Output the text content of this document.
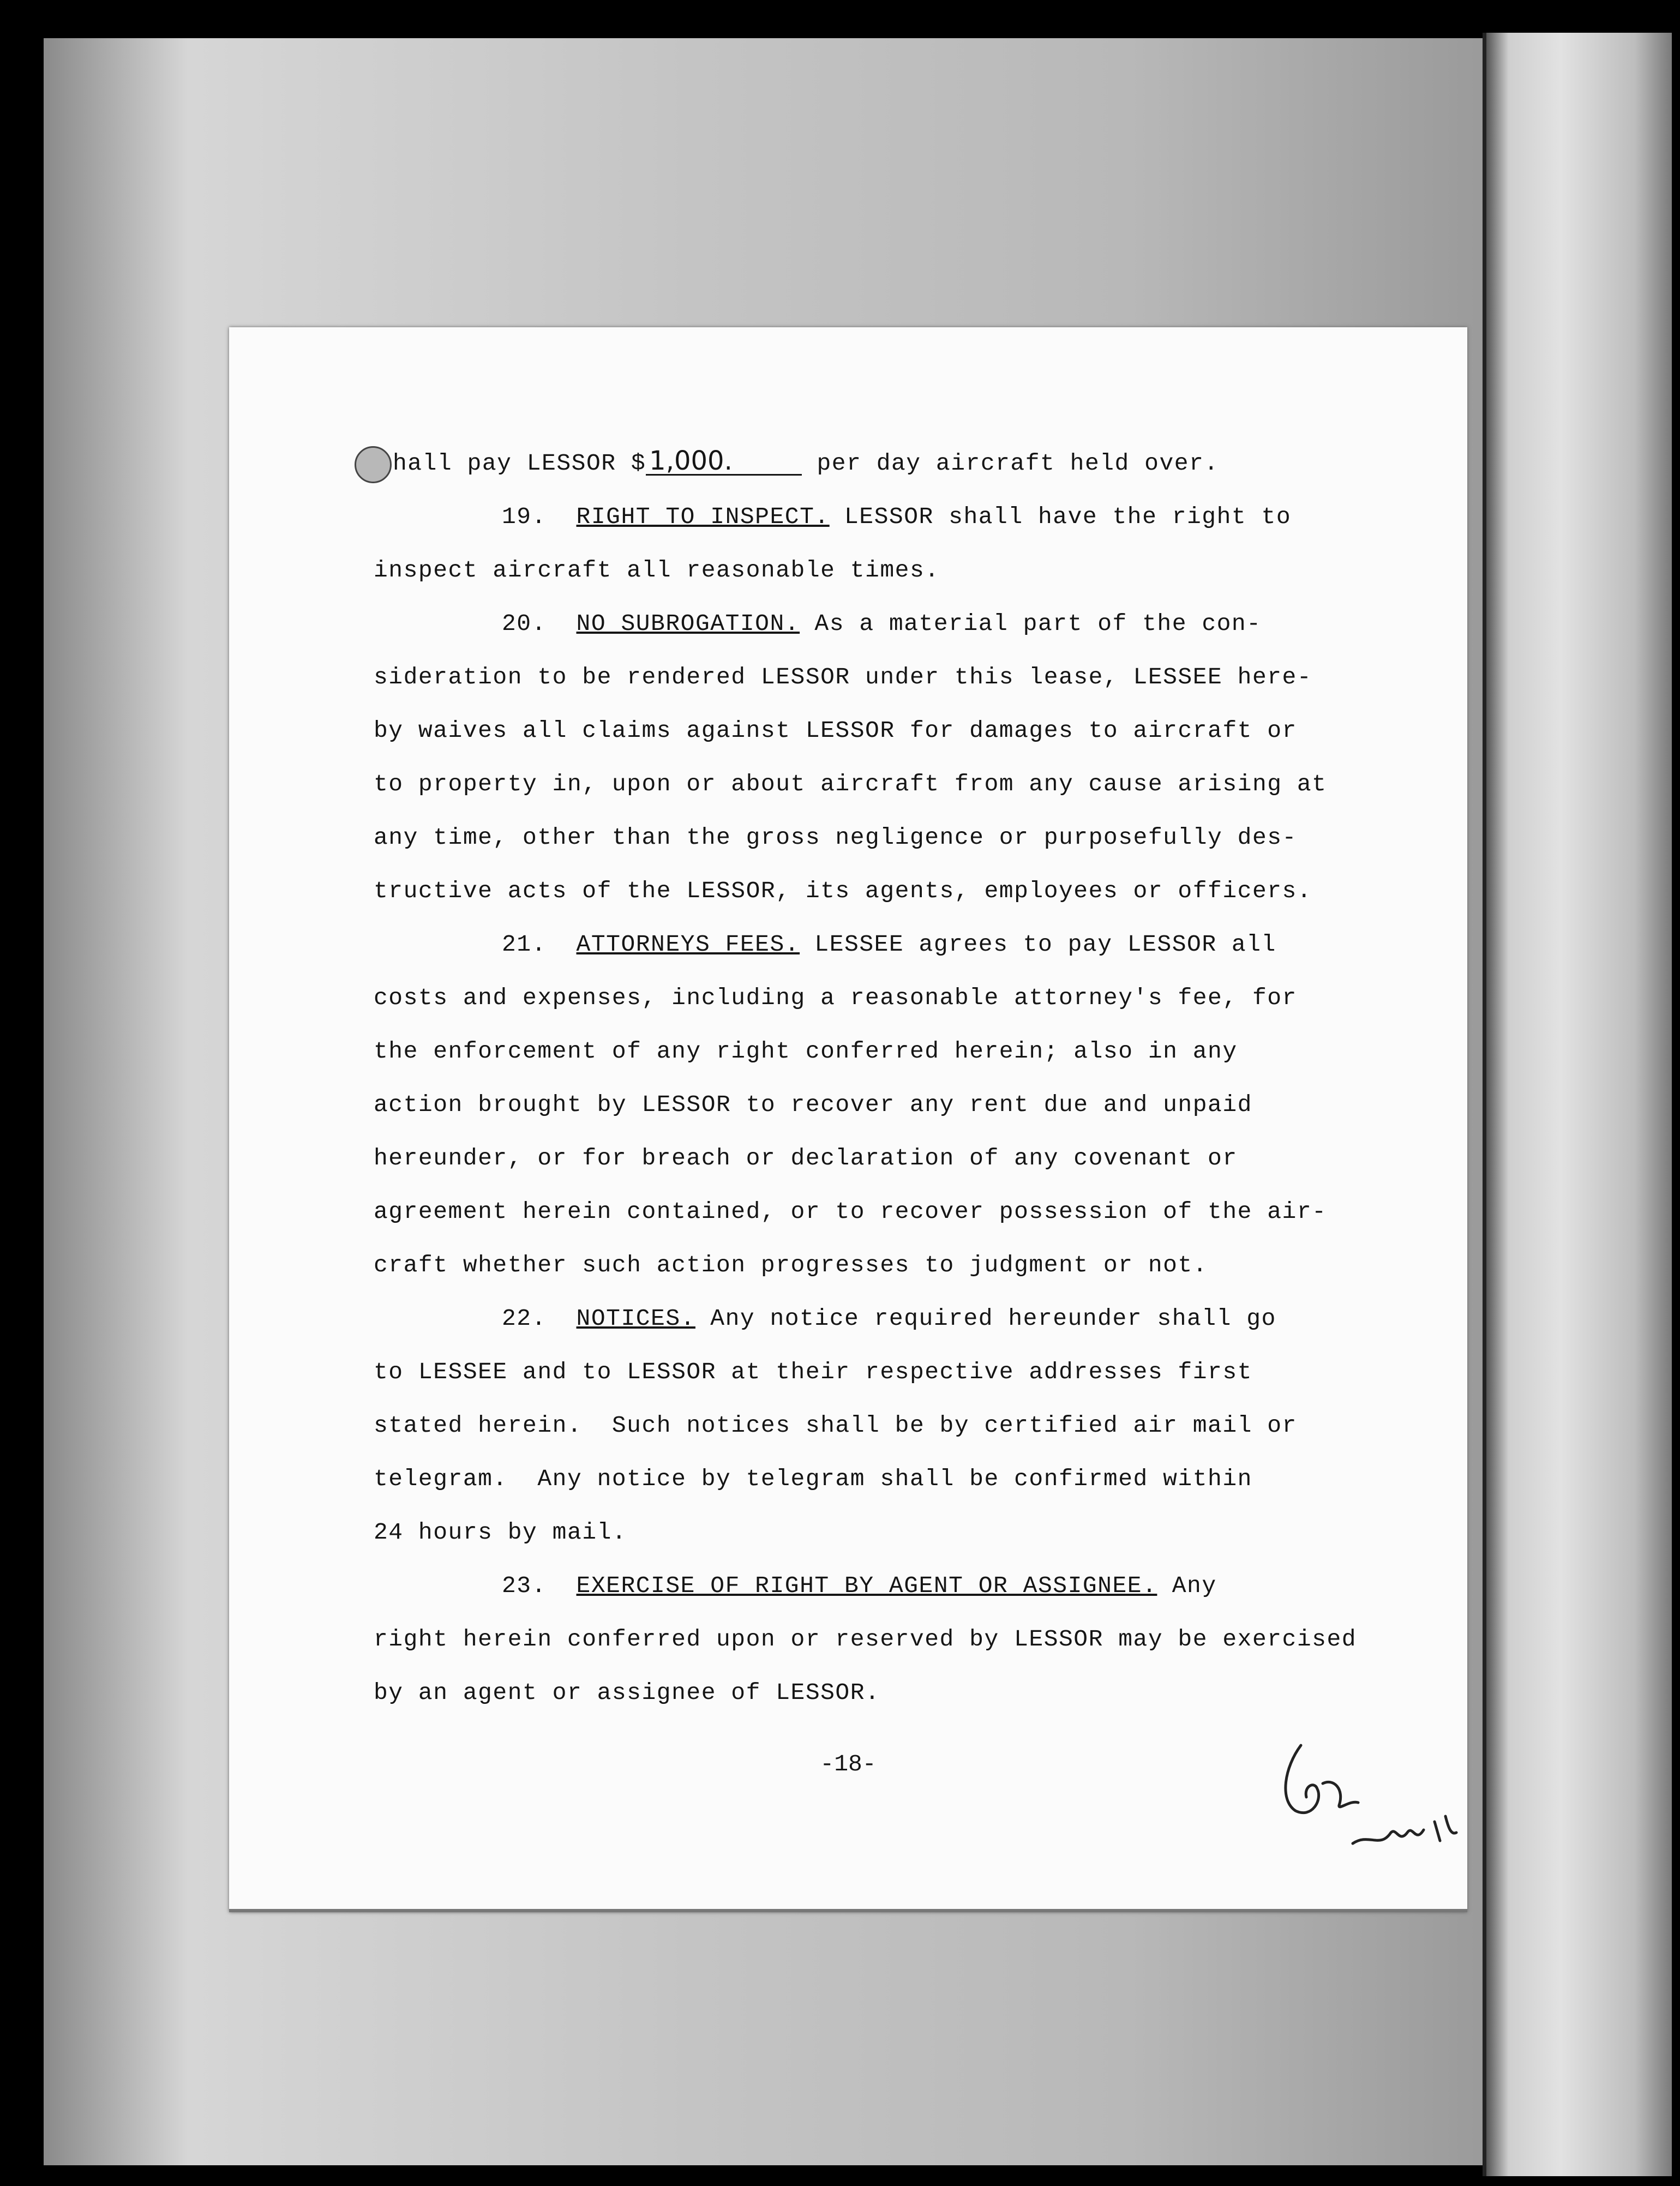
hall pay LESSOR $ 1,000.	per day aircraft held over.

19. RIGHT TO INSPECT. LESSOR shall have the right to

inspect aircraft all reasonable times.

20. NO SUBROGATION. As a material part of the con-

sideration to be rendered LESSOR under this lease, LESSEE here-

by waives all claims against LESSOR for damages to aircraft or

to property in, upon or about aircraft from any cause arising at

any time, other than the gross negligence or purposefully des-

tructive acts of the LESSOR, its agents, employees or officers.

21. ATTORNEYS FEES. LESSEE agrees to pay LESSOR all

costs and expenses, including a reasonable attorney's fee, for

the enforcement of any right conferred herein; also in any

action brought by LESSOR to recover any rent due and unpaid

hereunder, or for breach or declaration of any covenant or

agreement herein contained, or to recover possession of the air-

craft whether such action progresses to judgment or not.

22. NOTICES. Any notice required hereunder shall go

to LESSEE and to LESSOR at their respective addresses first

stated herein.  Such notices shall be by certified air mail or

telegram.  Any notice by telegram shall be confirmed within

24 hours by mail.

23. EXERCISE OF RIGHT BY AGENT OR ASSIGNEE. Any

right herein conferred upon or reserved by LESSOR may be exercised

by an agent or assignee of LESSOR.

-18-
